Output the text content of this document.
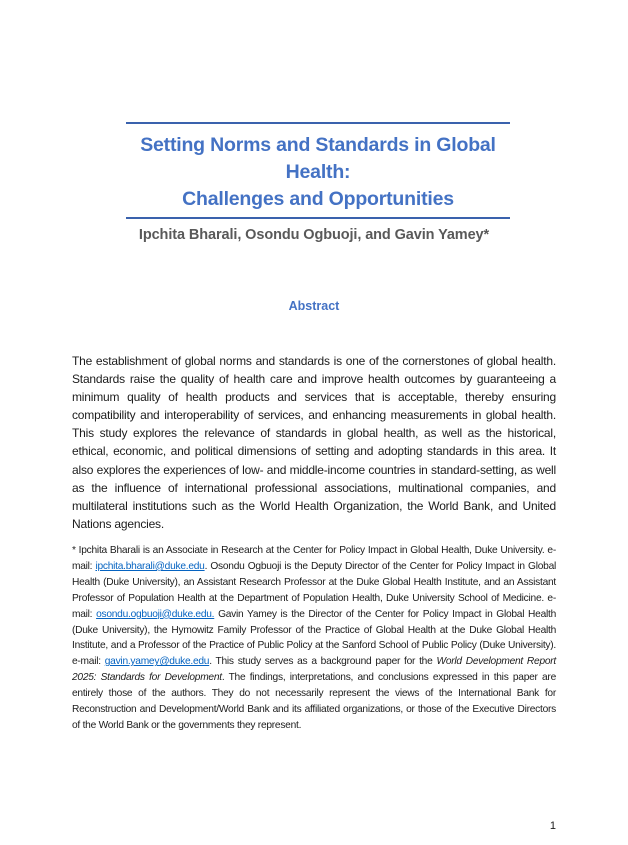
Setting Norms and Standards in Global Health:
Challenges and Opportunities
Ipchita Bharali, Osondu Ogbuoji, and Gavin Yamey*
Abstract

The establishment of global norms and standards is one of the cornerstones of global health. Standards raise the quality of health care and improve health outcomes by guaranteeing a minimum quality of health products and services that is acceptable, thereby ensuring compatibility and interoperability of services, and enhancing measurements in global health. This study explores the relevance of standards in global health, as well as the historical, ethical, economic, and political dimensions of setting and adopting standards in this area. It also explores the experiences of low- and middle-income countries in standard-setting, as well as the influence of international professional associations, multinational companies, and multilateral institutions such as the World Health Organization, the World Bank, and United Nations agencies.

* Ipchita Bharali is an Associate in Research at the Center for Policy Impact in Global Health, Duke University. e-mail: ipchita.bharali@duke.edu. Osondu Ogbuoji is the Deputy Director of the Center for Policy Impact in Global Health (Duke University), an Assistant Research Professor at the Duke Global Health Institute, and an Assistant Professor of Population Health at the Department of Population Health, Duke University School of Medicine. e-mail: osondu.ogbuoji@duke.edu. Gavin Yamey is the Director of the Center for Policy Impact in Global Health (Duke University), the Hymowitz Family Professor of the Practice of Global Health at the Duke Global Health Institute, and a Professor of the Practice of Public Policy at the Sanford School of Public Policy (Duke University). e-mail: gavin.yamey@duke.edu. This study serves as a background paper for the World Development Report 2025: Standards for Development. The findings, interpretations, and conclusions expressed in this paper are entirely those of the authors. They do not necessarily represent the views of the International Bank for Reconstruction and Development/World Bank and its affiliated organizations, or those of the Executive Directors of the World Bank or the governments they represent.

1
